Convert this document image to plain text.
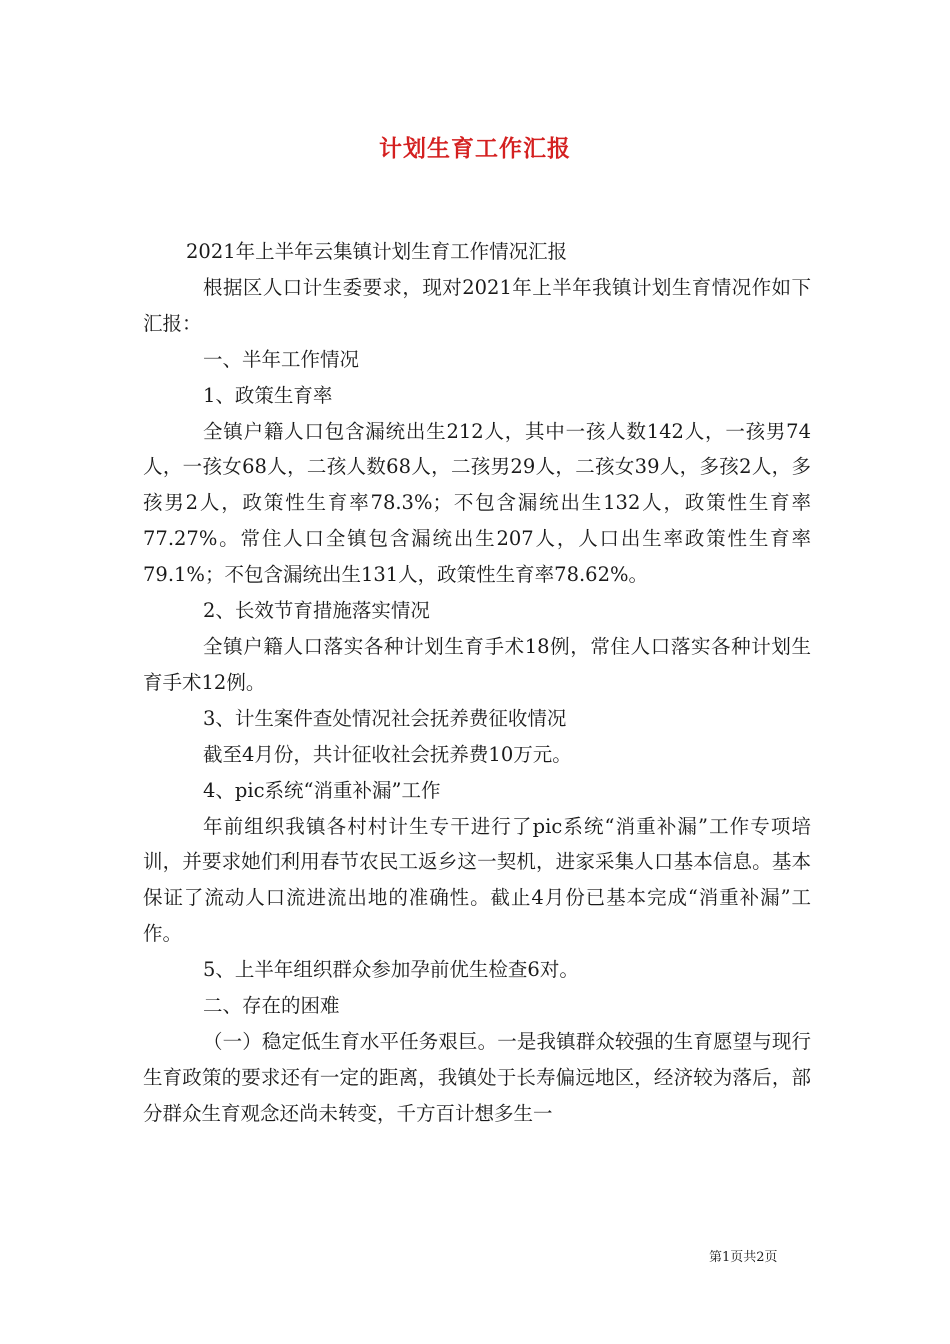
计划生育工作汇报

2021年上半年云集镇计划生育工作情况汇报

根据区人口计生委要求，现对2021年上半年我镇计划生育情况作如下汇报：

一、半年工作情况

1、政策生育率

全镇户籍人口包含漏统出生212人，其中一孩人数142人，一孩男74人，一孩女68人，二孩人数68人，二孩男29人，二孩女39人，多孩2人，多孩男2人，政策性生育率78.3%；不包含漏统出生132人，政策性生育率77.27%。常住人口全镇包含漏统出生207人，人口出生率政策性生育率79.1%；不包含漏统出生131人，政策性生育率78.62%。

2、长效节育措施落实情况

全镇户籍人口落实各种计划生育手术18例，常住人口落实各种计划生育手术12例。

3、计生案件查处情况社会抚养费征收情况

截至4月份，共计征收社会抚养费10万元。

4、pic系统“消重补漏”工作

年前组织我镇各村村计生专干进行了pic系统“消重补漏”工作专项培训，并要求她们利用春节农民工返乡这一契机，进家采集人口基本信息。基本保证了流动人口流进流出地的准确性。截止4月份已基本完成“消重补漏”工作。

5、上半年组织群众参加孕前优生检查6对。

二、存在的困难

（一）稳定低生育水平任务艰巨。一是我镇群众较强的生育愿望与现行生育政策的要求还有一定的距离，我镇处于长寿偏远地区，经济较为落后，部分群众生育观念还尚未转变，千方百计想多生一

第1页共2页
